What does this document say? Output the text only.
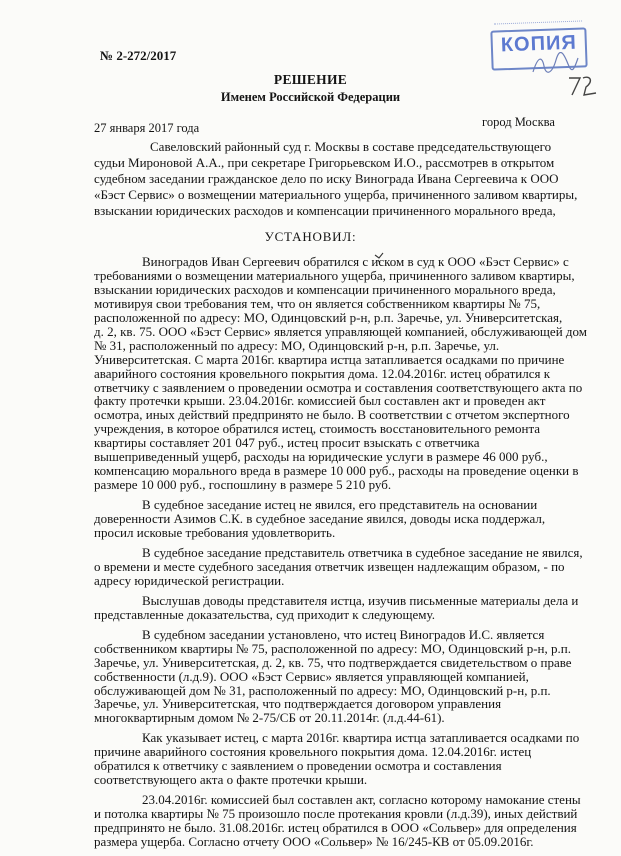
КОПИЯ
№ 2-272/2017
РЕШЕНИЕ
Именем Российской Федерации
27 января 2017 года	город Москва
УСТАНОВИЛ:
Савеловский районный суд г. Москвы в составе председательствующего
судьи Мироновой А.А., при секретаре Григорьевском И.О., рассмотрев в открытом
судебном заседании гражданское дело по иску Винограда Ивана Сергеевича к ООО
«Бэст Сервис» о возмещении материального ущерба, причиненного заливом квартиры,
взыскании юридических расходов и компенсации причиненного морального вреда,
Виноградов Иван Сергеевич обратился с иском в суд к ООО «Бэст Сервис» с
требованиями о возмещении материального ущерба, причиненного заливом квартиры,
взыскании юридических расходов и компенсации причиненного морального вреда,
мотивируя свои требования тем, что он является собственником квартиры № 75,
расположенной по адресу: МО, Одинцовский р-н, р.п. Заречье, ул. Университетская,
д. 2, кв. 75. ООО «Бэст Сервис» является управляющей компанией, обслуживающей дом
№ 31, расположенный по адресу: МО, Одинцовский р-н, р.п. Заречье, ул.
Университетская. С марта 2016г. квартира истца затапливается осадками по причине
аварийного состояния кровельного покрытия дома. 12.04.2016г. истец обратился к
ответчику с заявлением о проведении осмотра и составления соответствующего акта по
факту протечки крыши. 23.04.2016г. комиссией был составлен акт и проведен акт
осмотра, иных действий предпринято не было. В соответствии с отчетом экспертного
учреждения, в которое обратился истец, стоимость восстановительного ремонта
квартиры составляет 201 047 руб., истец просит взыскать с ответчика
вышеприведенный ущерб, расходы на юридические услуги в размере 46 000 руб.,
компенсацию морального вреда в размере 10 000 руб., расходы на проведение оценки в
размере 10 000 руб., госпошлину в размере 5 210 руб.
В судебное заседание истец не явился, его представитель на основании
доверенности Азимов С.К. в судебное заседание явился, доводы иска поддержал,
просил исковые требования удовлетворить.
В судебное заседание представитель ответчика в судебное заседание не явился,
о времени и месте судебного заседания ответчик извещен надлежащим образом, - по
адресу юридической регистрации.
Выслушав доводы представителя истца, изучив письменные материалы дела и
представленные доказательства, суд приходит к следующему.
В судебном заседании установлено, что истец Виноградов И.С. является
собственником квартиры № 75, расположенной по адресу: МО, Одинцовский р-н, р.п.
Заречье, ул. Университетская, д. 2, кв. 75, что подтверждается свидетельством о праве
собственности (л.д.9). ООО «Бэст Сервис» является управляющей компанией,
обслуживающей дом № 31, расположенный по адресу: МО, Одинцовский р-н, р.п.
Заречье, ул. Университетская, что подтверждается договором управления
многоквартирным домом № 2-75/СБ от 20.11.2014г. (л.д.44-61).
Как указывает истец, с марта 2016г. квартира истца затапливается осадками по
причине аварийного состояния кровельного покрытия дома. 12.04.2016г. истец
обратился к ответчику с заявлением о проведении осмотра и составления
соответствующего акта о факте протечки крыши.
23.04.2016г. комиссией был составлен акт, согласно которому намокание стены
и потолка квартиры № 75 произошло после протекания кровли (л.д.39), иных действий
предпринято не было. 31.08.2016г. истец обратился в ООО «Сольвер» для определения
размера ущерба. Согласно отчету ООО «Сольвер» № 16/245-КВ от 05.09.2016г.
